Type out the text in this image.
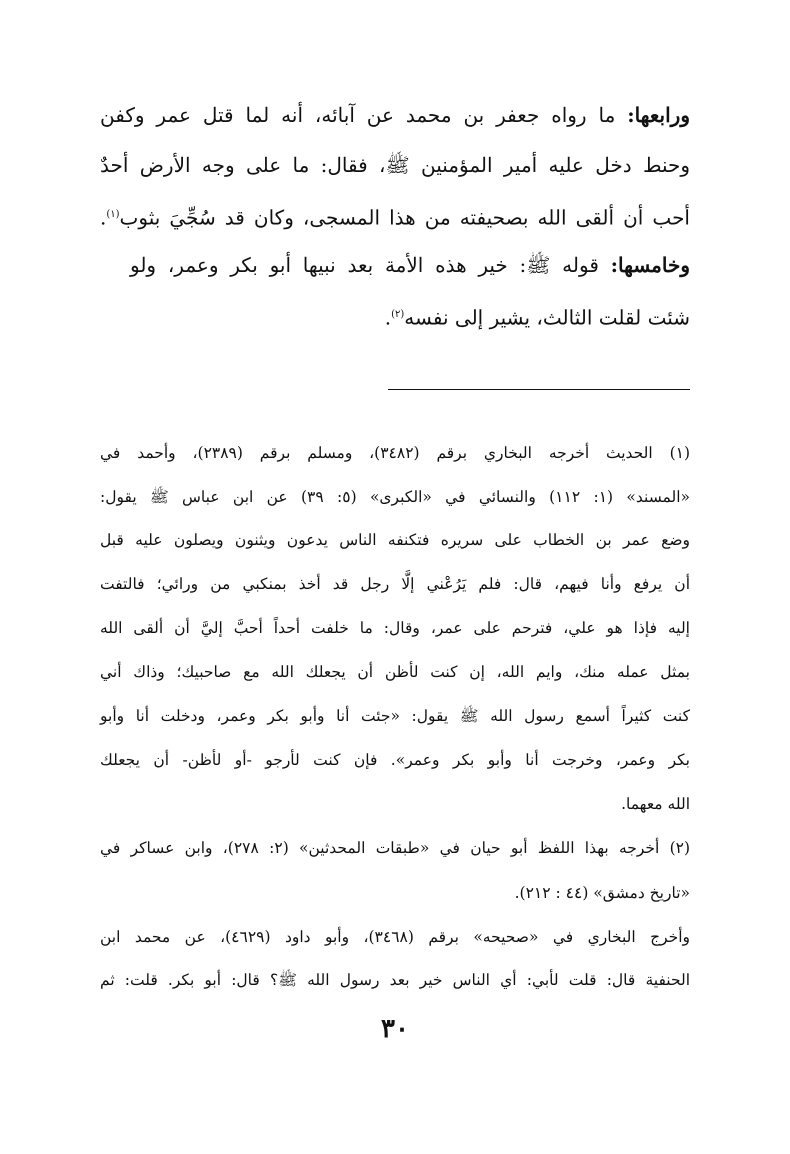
ورابعها: ما رواه جعفر بن محمد عن آبائه، أنه لما قتل عمر وكفن
وحنط دخل عليه أمير المؤمنين ﷺ، فقال: ما على وجه الأرض أحدٌ
أحب أن ألقى الله بصحيفته من هذا المسجى، وكان قد سُجِّيَ بثوب$^{(١)}$.
وخامسها: قوله ﷺ: خير هذه الأمة بعد نبيها أبو بكر وعمر، ولو
شئت لقلت الثالث، يشير إلى نفسه$^{(٢)}$.
(١) الحديث أخرجه البخاري برقم (٣٤٨٢)، ومسلم برقم (٢٣٨٩)، وأحمد في
«المسند» (١: ١١٢) والنسائي في «الكبرى» (٥: ٣٩) عن ابن عباس ﷺ يقول:
وضع عمر بن الخطاب على سريره فتكنفه الناس يدعون ويثنون ويصلون عليه قبل
أن يرفع وأنا فيهم، قال: فلم يَرُعْني إلَّا رجل قد أخذ بمنكبي من ورائي؛ فالتفت
إليه فإذا هو علي، فترحم على عمر، وقال: ما خلفت أحداً أحبَّ إليَّ أن ألقى الله
بمثل عمله منك، وايم الله، إن كنت لأظن أن يجعلك الله مع صاحبيك؛ وذاك أني
كنت كثيراً أسمع رسول الله ﷺ يقول: «جئت أنا وأبو بكر وعمر، ودخلت أنا وأبو
بكر وعمر، وخرجت أنا وأبو بكر وعمر». فإن كنت لأرجو -أو لأظن- أن يجعلك
الله معهما.
(٢) أخرجه بهذا اللفظ أبو حيان في «طبقات المحدثين» (٢: ٢٧٨)، وابن عساكر في
«تاريخ دمشق» (٤٤ : ٢١٢).
وأخرج البخاري في «صحيحه» برقم (٣٤٦٨)، وأبو داود (٤٦٢٩)، عن محمد ابن
الحنفية قال: قلت لأبي: أي الناس خير بعد رسول الله ﷺ؟ قال: أبو بكر. قلت: ثم
٣٠
